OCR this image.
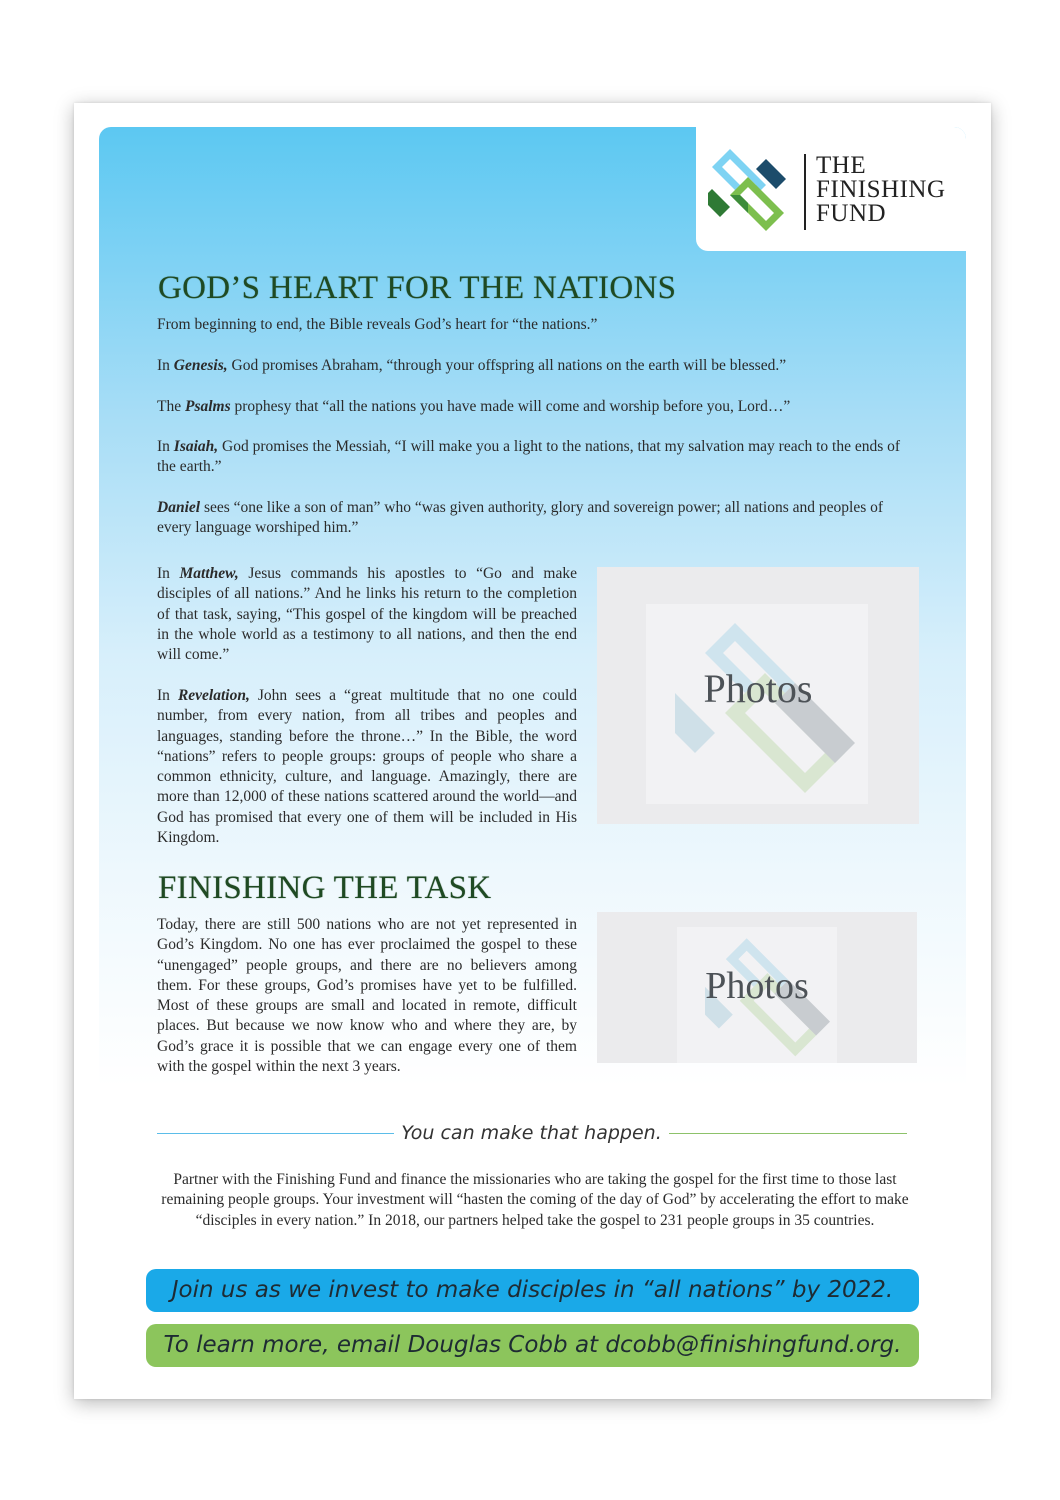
THE
FINISHING
FUND
GOD’S HEART FOR THE NATIONS

From beginning to end, the Bible reveals God’s heart for “the nations.”

In Genesis, God promises Abraham, “through your offspring all nations on the earth will be blessed.”

The Psalms prophesy that “all the nations you have made will come and worship before you, Lord…”

In Isaiah, God promises the Messiah, “I will make you a light to the nations, that my salvation may reach to the ends of the earth.”

Daniel sees “one like a son of man” who “was given authority, glory and sovereign power; all nations and peoples of every language worshiped him.”

In Matthew, Jesus commands his apostles to “Go and make disciples of all nations.” And he links his return to the completion of that task, saying, “This gospel of the kingdom will be preached in the whole world as a testimony to all nations, and then the end will come.”

In Revelation, John sees a “great multitude that no one could number, from every nation, from all tribes and peoples and languages, standing before the throne…” In the Bible, the word “nations” refers to people groups: groups of people who share a common ethnicity, culture, and language. Amazingly, there are more than 12,000 of these nations scattered around the world—and God has promised that every one of them will be included in His Kingdom.

Photos
FINISHING THE TASK

Today, there are still 500 nations who are not yet represented in God’s Kingdom. No one has ever proclaimed the gospel to these “unengaged” people groups, and there are no believers among them. For these groups, God’s promises have yet to be fulfilled. Most of these groups are small and located in remote, difficult places. But because we now know who and where they are, by God’s grace it is possible that we can engage every one of them with the gospel within the next 3 years.

Photos
You can make that happen.

Partner with the Finishing Fund and finance the missionaries who are taking the gospel for the first time to those last remaining people groups. Your investment will “hasten the coming of the day of God” by accelerating the effort to make “disciples in every nation.” In 2018, our partners helped take the gospel to 231 people groups in 35 countries.

Join us as we invest to make disciples in “all nations” by 2022.
To learn more, email Douglas Cobb at dcobb@finishingfund.org.
